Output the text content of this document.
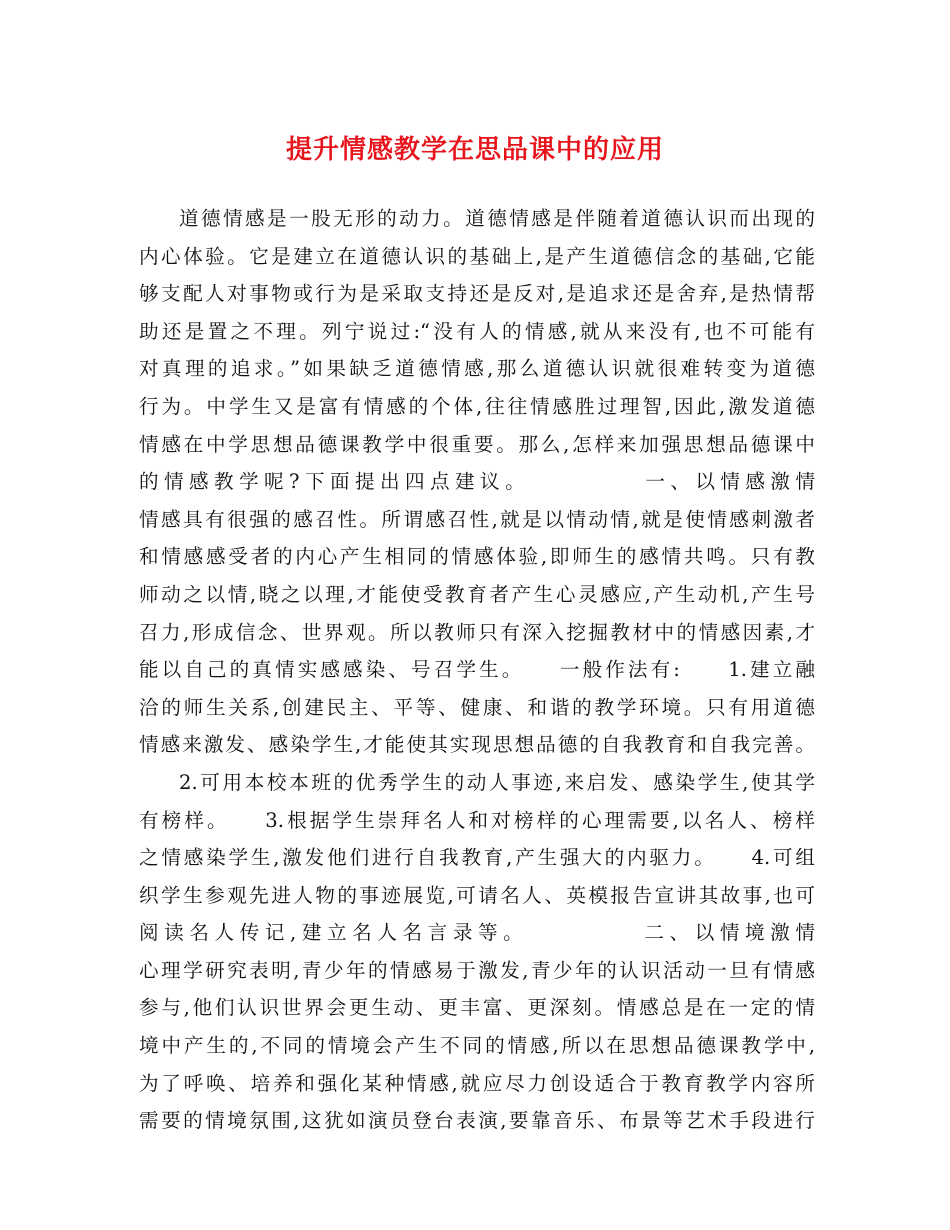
提升情感教学在思品课中的应用
道德情感是一股无形的动力。道德情感是伴随着道德认识而出现的
内心体验。它是建立在道德认识的基础上,是产生道德信念的基础,它能
够支配人对事物或行为是采取支持还是反对,是追求还是舍弃,是热情帮
助还是置之不理。列宁说过:“没有人的情感,就从来没有,也不可能有
对真理的追求。”如果缺乏道德情感,那么道德认识就很难转变为道德
行为。中学生又是富有情感的个体,往往情感胜过理智,因此,激发道德
情感在中学思想品德课教学中很重要。那么,怎样来加强思想品德课中
的情感教学呢?下面提出四点建议。　　　　　一、以情感激情
情感具有很强的感召性。所谓感召性,就是以情动情,就是使情感刺激者
和情感感受者的内心产生相同的情感体验,即师生的感情共鸣。只有教
师动之以情,晓之以理,才能使受教育者产生心灵感应,产生动机,产生号
召力,形成信念、世界观。所以教师只有深入挖掘教材中的情感因素,才
能以自己的真情实感感染、号召学生。　　一般作法有:　　1.建立融
洽的师生关系,创建民主、平等、健康、和谐的教学环境。只有用道德
情感来激发、感染学生,才能使其实现思想品德的自我教育和自我完善。
2.可用本校本班的优秀学生的动人事迹,来启发、感染学生,使其学
有榜样。　　3.根据学生崇拜名人和对榜样的心理需要,以名人、榜样
之情感染学生,激发他们进行自我教育,产生强大的内驱力。　　4.可组
织学生参观先进人物的事迹展览,可请名人、英模报告宣讲其故事,也可
阅读名人传记,建立名人名言录等。　　　　　二、以情境激情
心理学研究表明,青少年的情感易于激发,青少年的认识活动一旦有情感
参与,他们认识世界会更生动、更丰富、更深刻。情感总是在一定的情
境中产生的,不同的情境会产生不同的情感,所以在思想品德课教学中,
为了呼唤、培养和强化某种情感,就应尽力创设适合于教育教学内容所
需要的情境氛围,这犹如演员登台表演,要靠音乐、布景等艺术手段进行
